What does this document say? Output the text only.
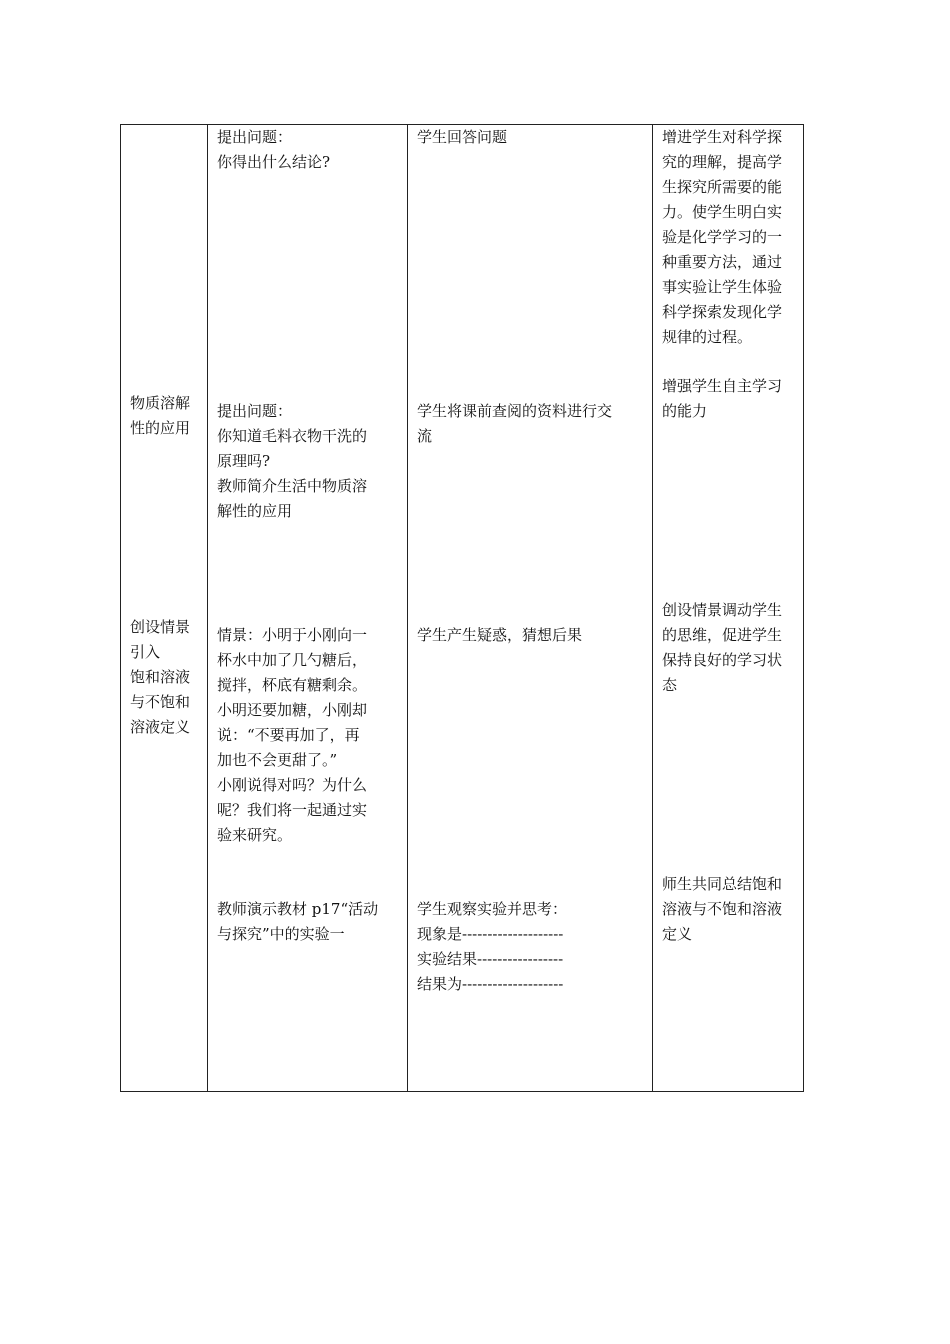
物质溶解
性的应用
创设情景
引入
饱和溶液
与不饱和
溶液定义
提出问题：
你得出什么结论?
提出问题：
你知道毛料衣物干洗的
原理吗?
教师简介生活中物质溶
解性的应用
情景：小明于小刚向一
杯水中加了几勺糖后，
搅拌，杯底有糖剩余。
小明还要加糖，小刚却
说：“不要再加了，再
加也不会更甜了。”
小刚说得对吗？为什么
呢？我们将一起通过实
验来研究。
教师演示教材 p17“活动
与探究”中的实验一
学生回答问题
学生将课前查阅的资料进行交
流
学生产生疑惑，猜想后果
学生观察实验并思考：
现象是--------------------
实验结果-----------------
结果为--------------------
增进学生对科学探
究的理解，提高学
生探究所需要的能
力。使学生明白实
验是化学学习的一
种重要方法，通过
事实验让学生体验
科学探索发现化学
规律的过程。
增强学生自主学习
的能力
创设情景调动学生
的思维，促进学生
保持良好的学习状
态
师生共同总结饱和
溶液与不饱和溶液
定义
